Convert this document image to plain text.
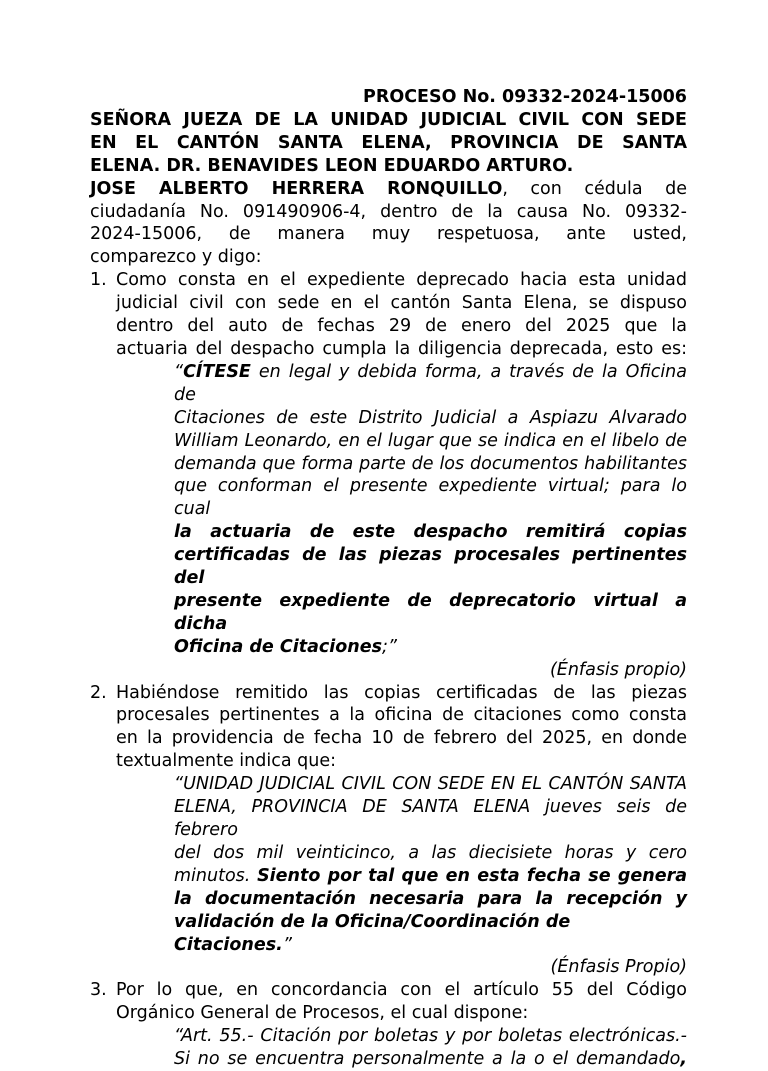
PROCESO No. 09332-2024-15006
SEÑORA JUEZA DE LA UNIDAD JUDICIAL CIVIL CON SEDE
EN EL CANTÓN SANTA ELENA, PROVINCIA DE SANTA
ELENA. DR. BENAVIDES LEON EDUARDO ARTURO.
JOSE ALBERTO HERRERA RONQUILLO, con cédula de
ciudadanía No. 091490906-4, dentro de la causa No. 09332-
2024-15006, de manera muy respetuosa, ante usted,
comparezco y digo:
1. Como consta en el expediente deprecado hacia esta unidad
judicial civil con sede en el cantón Santa Elena, se dispuso
dentro del auto de fechas 29 de enero del 2025 que la
actuaria del despacho cumpla la diligencia deprecada, esto es:
“CÍTESE en legal y debida forma, a través de la Oficina de
Citaciones de este Distrito Judicial a Aspiazu Alvarado
William Leonardo, en el lugar que se indica en el libelo de
demanda que forma parte de los documentos habilitantes
que conforman el presente expediente virtual; para lo cual
la actuaria de este despacho remitirá copias
certificadas de las piezas procesales pertinentes del
presente expediente de deprecatorio virtual a dicha
Oficina de Citaciones;”
(Énfasis propio)
2. Habiéndose remitido las copias certificadas de las piezas
procesales pertinentes a la oficina de citaciones como consta
en la providencia de fecha 10 de febrero del 2025, en donde
textualmente indica que:
“UNIDAD JUDICIAL CIVIL CON SEDE EN EL CANTÓN SANTA
ELENA, PROVINCIA DE SANTA ELENA jueves seis de febrero
del dos mil veinticinco, a las diecisiete horas y cero
minutos. Siento por tal que en esta fecha se genera
la documentación necesaria para la recepción y
validación de la Oficina/Coordinación de Citaciones.”
(Énfasis Propio)
3. Por lo que, en concordancia con el artículo 55 del Código
Orgánico General de Procesos, el cual dispone:
“Art. 55.- Citación por boletas y por boletas electrónicas.-
Si no se encuentra personalmente a la o el demandado,
